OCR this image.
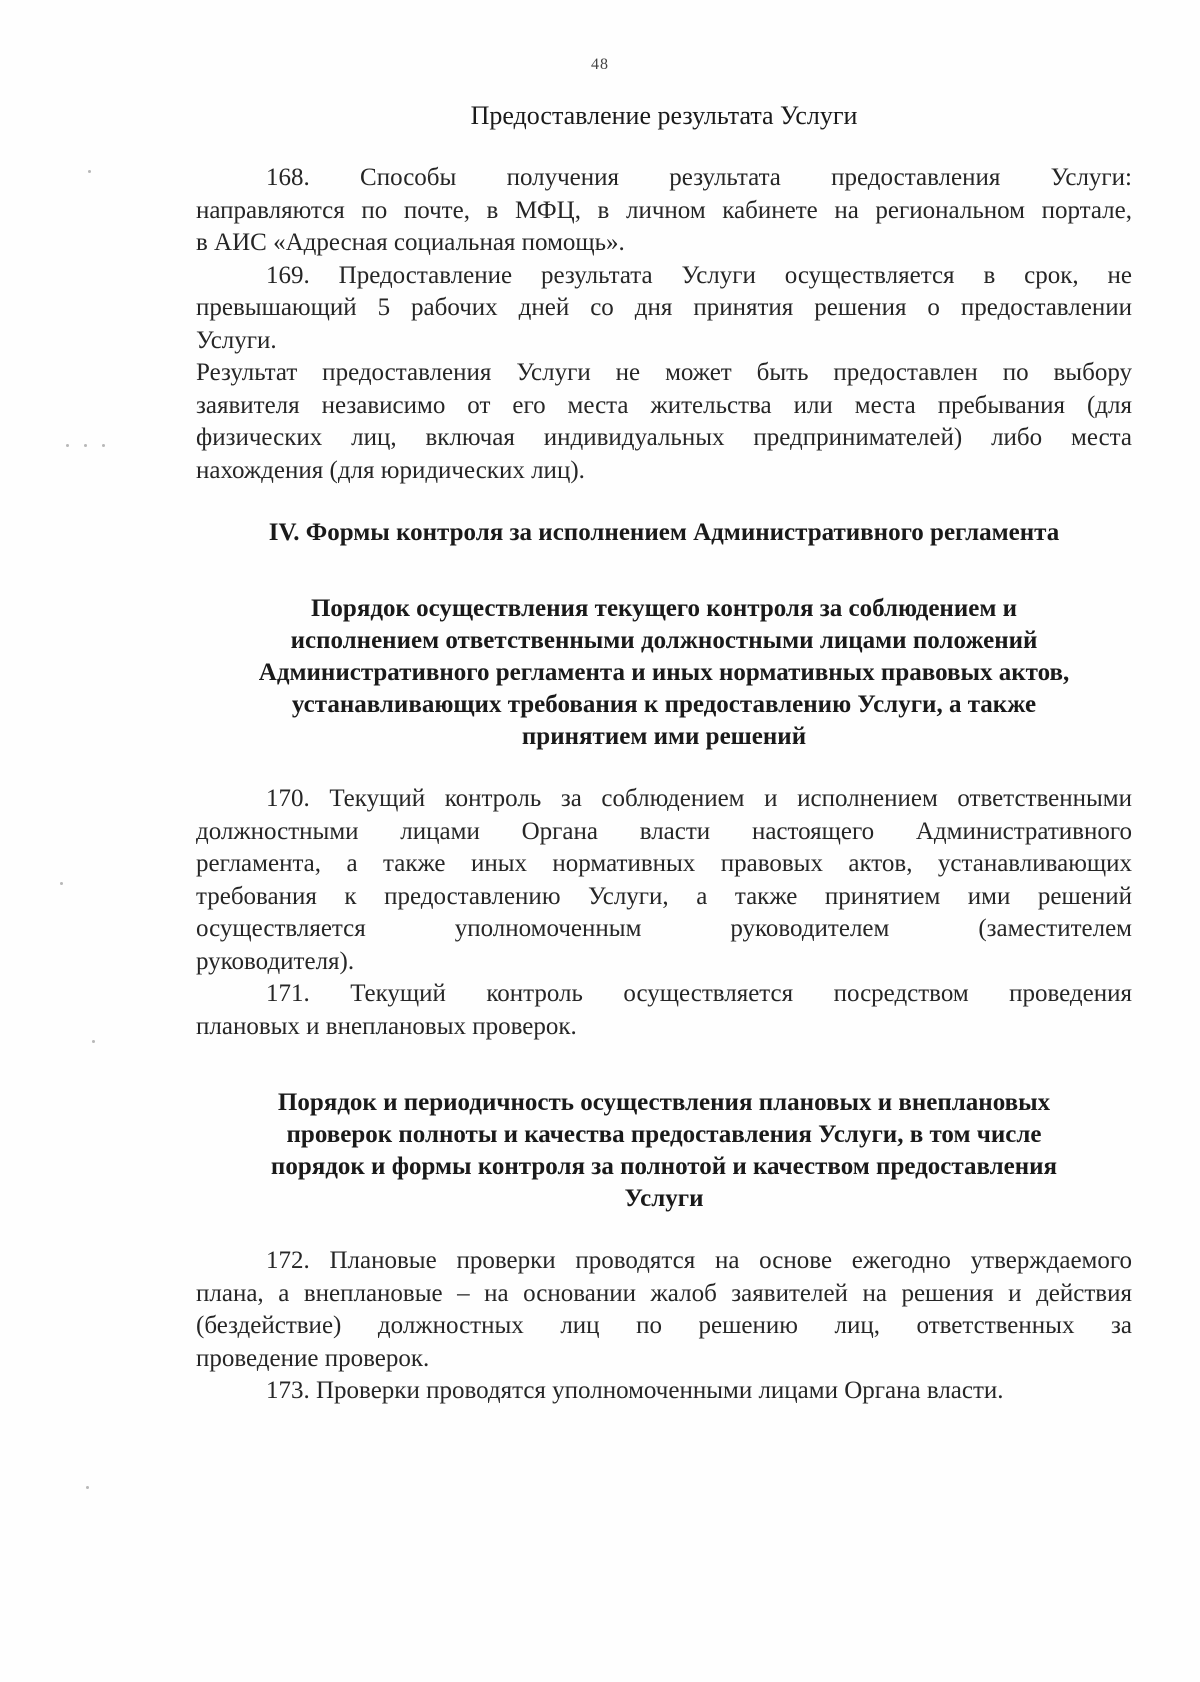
48
Предоставление результата Услуги

168. Способы получения результата предоставления Услуги:
направляются по почте, в МФЦ, в личном кабинете на региональном портале,
в АИС «Адресная социальная помощь».

169. Предоставление результата Услуги осуществляется в срок, не
превышающий 5 рабочих дней со дня принятия решения о предоставлении
Услуги.

Результат предоставления Услуги не может быть предоставлен по выбору
заявителя независимо от его места жительства или места пребывания (для
физических лиц, включая индивидуальных предпринимателей) либо места
нахождения (для юридических лиц).

IV. Формы контроля за исполнением Административного регламента
Порядок осуществления текущего контроля за соблюдением и
исполнением ответственными должностными лицами положений
Административного регламента и иных нормативных правовых актов,
устанавливающих требования к предоставлению Услуги, а также
принятием ими решений

170. Текущий контроль за соблюдением и исполнением ответственными
должностными лицами Органа власти настоящего Административного
регламента, а также иных нормативных правовых актов, устанавливающих
требования к предоставлению Услуги, а также принятием ими решений
осуществляется уполномоченным руководителем (заместителем
руководителя).

171. Текущий контроль осуществляется посредством проведения
плановых и внеплановых проверок.

Порядок и периодичность осуществления плановых и внеплановых
проверок полноты и качества предоставления Услуги, в том числе
порядок и формы контроля за полнотой и качеством предоставления
Услуги

172. Плановые проверки проводятся на основе ежегодно утверждаемого
плана, а внеплановые – на основании жалоб заявителей на решения и действия
(бездействие) должностных лиц по решению лиц, ответственных за
проведение проверок.

173. Проверки проводятся уполномоченными лицами Органа власти.
